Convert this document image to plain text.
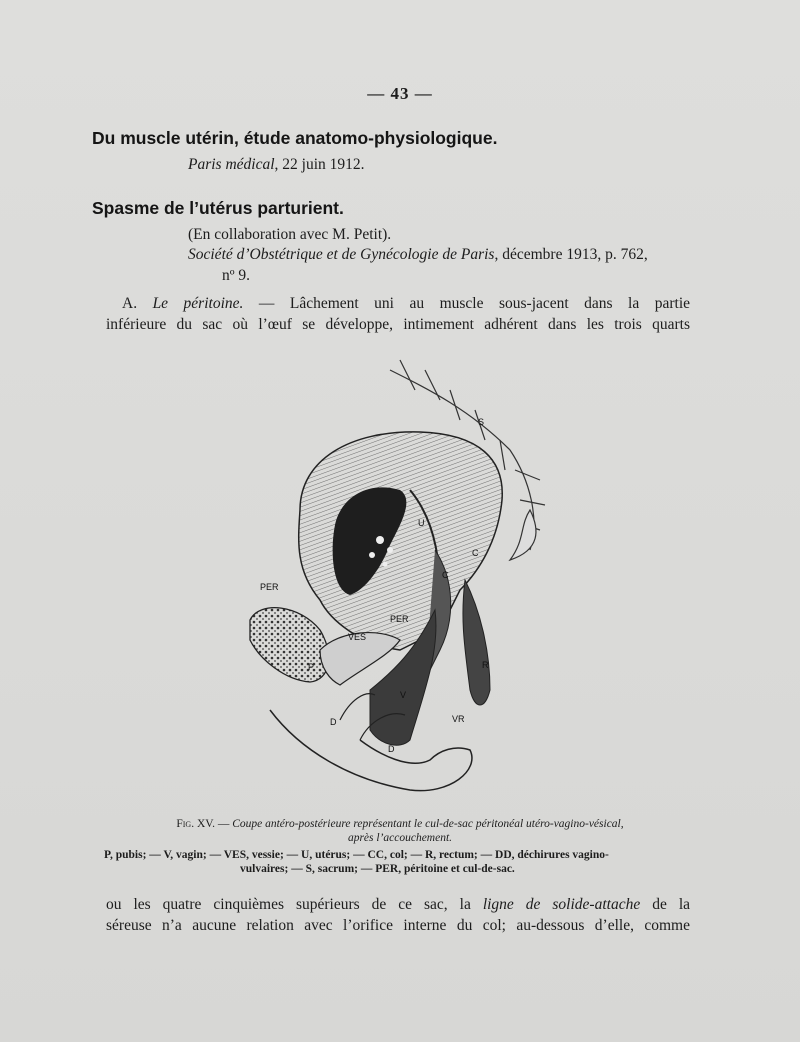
— 43 —
Du muscle utérin, étude anatomo-physiologique.
Paris médical, 22 juin 1912.
Spasme de l’utérus parturient.
(En collaboration avec M. Petit).
Société d’Obstétrique et de Gynécologie de Paris, décembre 1913, p. 762,
nº 9.
A. Le péritoine. — Lâchement uni au muscle sous-jacent dans la partie
inférieure du sac où l’œuf se développe, intimement adhérent dans les trois quarts
S
U
C
C
PER
PER
VES
P
V
R
VR
D
D
Fig. XV. — Coupe antéro-postérieure représentant le cul-de-sac péritonéal utéro-vagino-vésical,
après l’accouchement.
P, pubis; — V, vagin; — VES, vessie; — U, utérus; — CC, col; — R, rectum; — DD, déchirures vagino-
vulvaires; — S, sacrum; — PER, péritoine et cul-de-sac.
ou les quatre cinquièmes supérieurs de ce sac, la ligne de solide-attache de la
séreuse n’a aucune relation avec l’orifice interne du col; au-dessous d’elle, comme
